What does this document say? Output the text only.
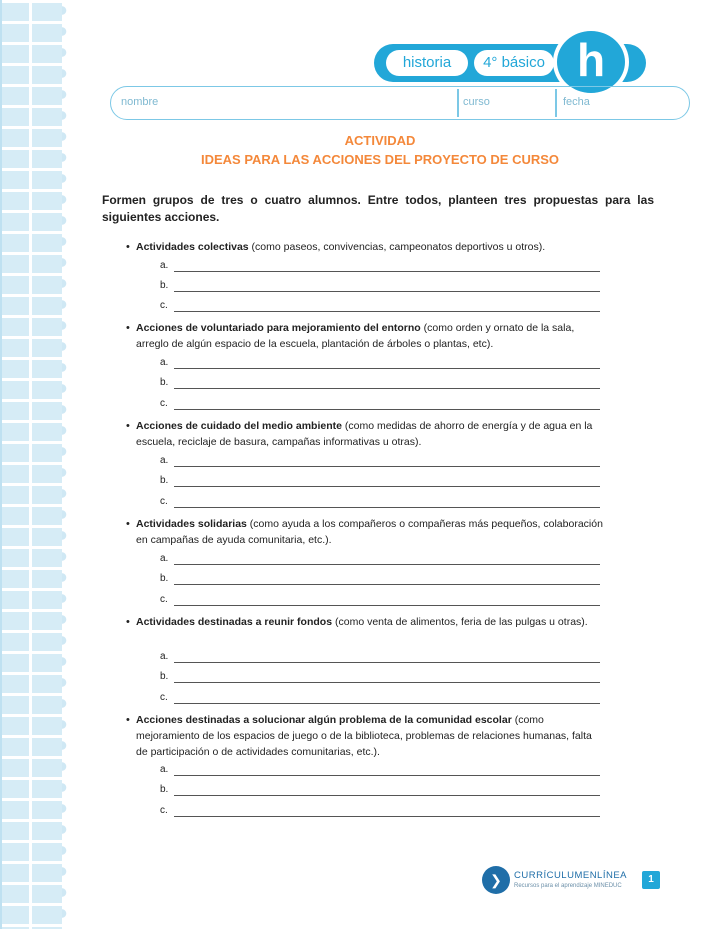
historia	4° básico h
nombre	curso	fecha
ACTIVIDAD
IDEAS PARA LAS ACCIONES DEL PROYECTO DE CURSO
Formen grupos de tres o cuatro alumnos. Entre todos, planteen tres propuestas para las siguientes acciones.
• Actividades colectivas (como paseos, convivencias, campeonatos deportivos u otros).
a.
b.
c.
• Acciones de voluntariado para mejoramiento del entorno (como orden y ornato de la sala, arreglo de algún espacio de la escuela, plantación de árboles o plantas, etc).
a.
b.
c.
• Acciones de cuidado del medio ambiente (como medidas de ahorro de energía y de agua en la escuela, reciclaje de basura, campañas informativas u otras).
a.
b.
c.
• Actividades solidarias (como ayuda a los compañeros o compañeras más pequeños, colaboración en campañas de ayuda comunitaria, etc.).
a.
b.
c.
• Actividades destinadas a reunir fondos (como venta de alimentos, feria de las pulgas u otras).
a.
b.
c.
• Acciones destinadas a solucionar algún problema de la comunidad escolar (como mejoramiento de los espacios de juego o de la biblioteca, problemas de relaciones humanas, falta de participación o de actividades comunitarias, etc.).
a.
b.
c.
❯	CURRÍCULUMENLÍNEA
Recursos para el aprendizaje MINEDUC
1
